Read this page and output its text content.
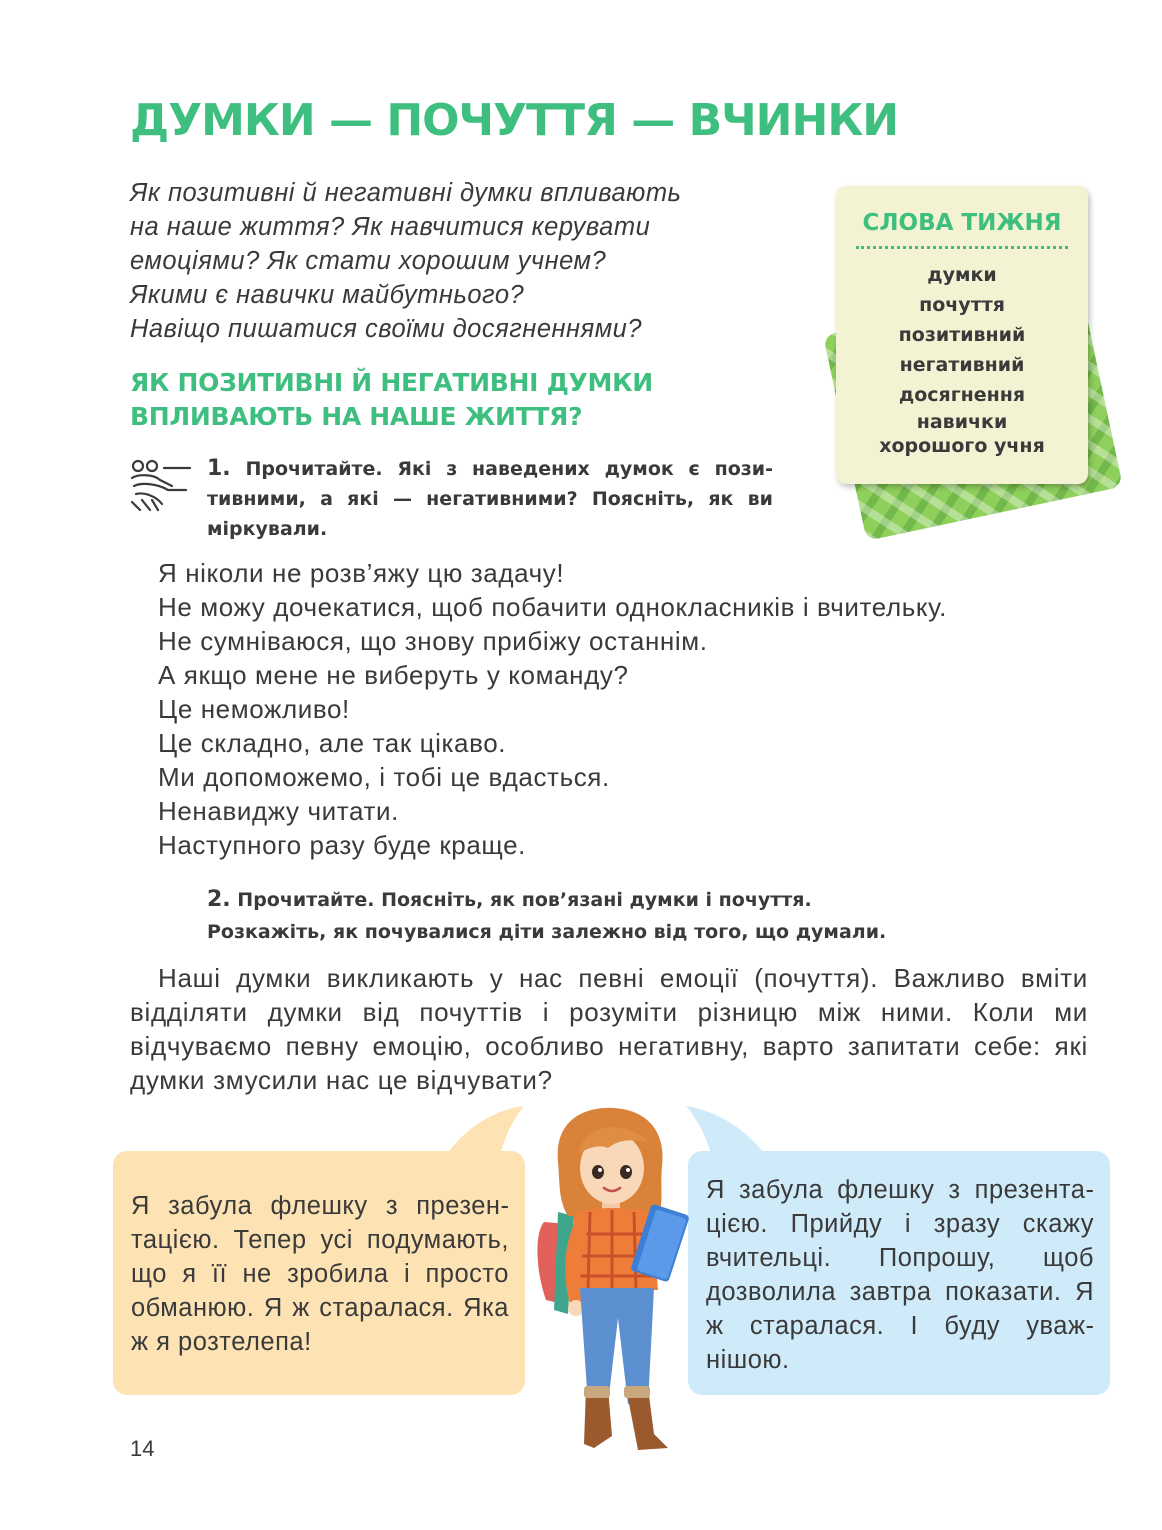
ДУМКИ — ПОЧУТТЯ — ВЧИНКИ
Як позитивні й негативні думки впливають
на наше життя? Як навчитися керувати
емоціями? Як стати хорошим учнем?
Якими є навички майбутнього?
Навіщо пишатися своїми досягненнями?
ЯК ПОЗИТИВНІ Й НЕГАТИВНІ ДУМКИ ВПЛИВАЮТЬ НА НАШЕ ЖИТТЯ?
СЛОВА ТИЖНЯ
думки
почуття
позитивний
негативний
досягнення
навички
хорошого учня

1. Прочитайте. Які з наведених думок є позитивними, а які — негативними? Поясніть, як ви міркували.

Я ніколи не розв’яжу цю задачу!
Не можу дочекатися, щоб побачити однокласників і вчительку.
Не сумніваюся, що знову прибіжу останнім.
А якщо мене не виберуть у команду?
Це неможливо!
Це складно, але так цікаво.
Ми допоможемо, і тобі це вдасться.
Ненавиджу читати.
Наступного разу буде краще.
2. Прочитайте. Поясніть, як пов’язані думки і почуття.
Розкажіть, як почувалися діти залежно від того, що думали.

Наші думки викликають у нас певні емоції (почуття). Важливо вміти відділяти думки від почуттів і розуміти різницю між ними. Коли ми відчуваємо певну емоцію, особливо негативну, варто запитати себе: які думки змусили нас це відчувати?

Я забула флешку з презентацією. Тепер усі подумають, що я її не зробила і просто обманюю. Я ж старалася. Яка ж я розтелепа!

Я забула флешку з презентацією. Прийду і зразу скажу вчительці. Попрошу, щоб дозволила завтра показати. Я ж старалася. І буду уважнішою.

14
